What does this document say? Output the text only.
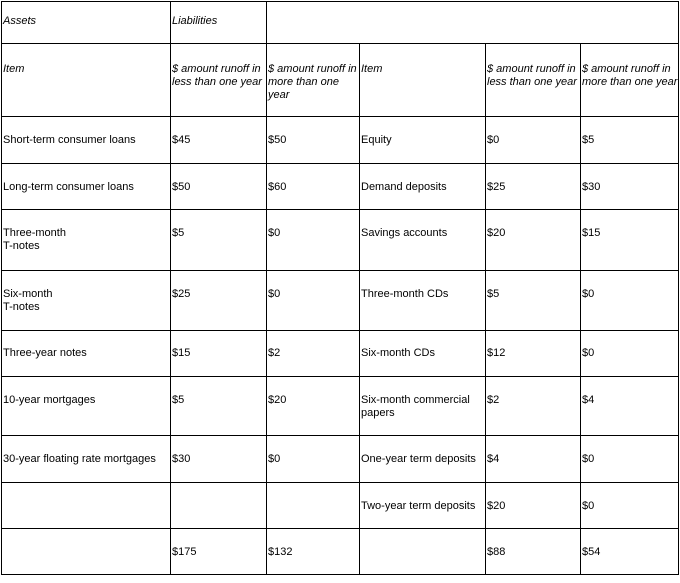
Assets	Liabilities
Item	$ amount runoff in less than one year	$ amount runoff in more than one year	Item	$ amount runoff in less than one year	$ amount runoff in more than one year

Short-term consumer loans	$45	$50	Equity	$0	$5

Long-term consumer loans	$50	$60	Demand deposits	$25	$30

Three-month
T-notes	$5	$0	Savings accounts	$20	$15

Six-month
T-notes	$25	$0	Three-month CDs	$5	$0

Three-year notes	$15	$2	Six-month CDs	$12	$0

10-year mortgages	$5	$20	Six-month commercial papers	$2	$4

30-year floating rate mortgages	$30	$0	One-year term deposits	$4	$0

			Two-year term deposits	$20	$0

	$175	$132		$88	$54
